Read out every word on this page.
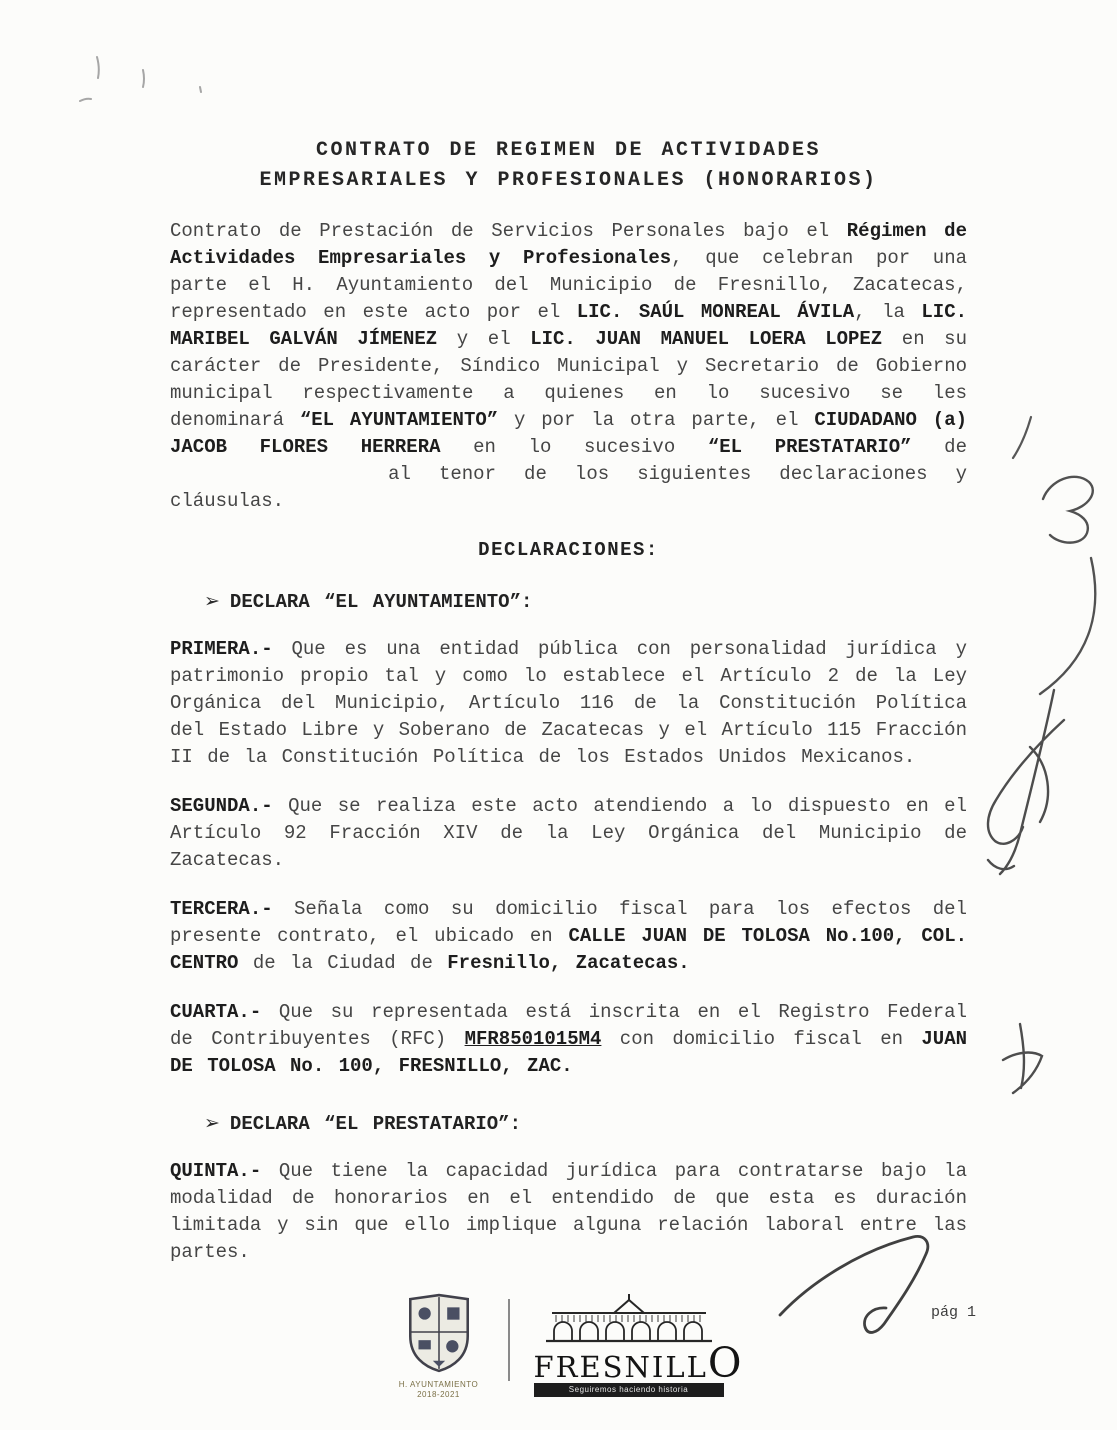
CONTRATO DE REGIMEN DE ACTIVIDADES
EMPRESARIALES Y PROFESIONALES (HONORARIOS)

Contrato de Prestación de Servicios Personales bajo el Régimen de Actividades Empresariales y Profesionales, que celebran por una parte el H. Ayuntamiento del Municipio de Fresnillo, Zacatecas, representado en este acto por el LIC. SAÚL MONREAL ÁVILA, la LIC. MARIBEL GALVÁN JÍMENEZ y el LIC. JUAN MANUEL LOERA LOPEZ en su carácter de Presidente, Síndico Municipal y Secretario de Gobierno municipal respectivamente a quienes en lo sucesivo se les denominará “EL AYUNTAMIENTO” y por la otra parte, el CIUDADANO (a) JACOB FLORES HERRERA en lo sucesivo “EL PRESTATARIO” de  al tenor de los siguientes declaraciones y cláusulas.

DECLARACIONES:
➢ DECLARA “EL AYUNTAMIENTO”:

PRIMERA.- Que es una entidad pública con personalidad jurídica y patrimonio propio tal y como lo establece el Artículo 2 de la Ley Orgánica del Municipio, Artículo 116 de la Constitución Política del Estado Libre y Soberano de Zacatecas y el Artículo 115 Fracción II de la Constitución Política de los Estados Unidos Mexicanos.

SEGUNDA.- Que se realiza este acto atendiendo a lo dispuesto en el Artículo 92 Fracción XIV de la Ley Orgánica del Municipio de Zacatecas.

TERCERA.- Señala como su domicilio fiscal para los efectos del presente contrato, el ubicado en CALLE JUAN DE TOLOSA No.100, COL. CENTRO de la Ciudad de Fresnillo, Zacatecas.

CUARTA.- Que su representada está inscrita en el Registro Federal de Contribuyentes (RFC) MFR8501015M4 con domicilio fiscal en JUAN DE TOLOSA No. 100, FRESNILLO, ZAC.

➢ DECLARA “EL PRESTATARIO”:

QUINTA.- Que tiene la capacidad jurídica para contratarse bajo la modalidad de honorarios en el entendido de que esta es duración limitada y sin que ello implique alguna relación laboral entre las partes.

H. AYUNTAMIENTO
2018-2021
FRESNILLO
Seguiremos haciendo historia
pág 1
